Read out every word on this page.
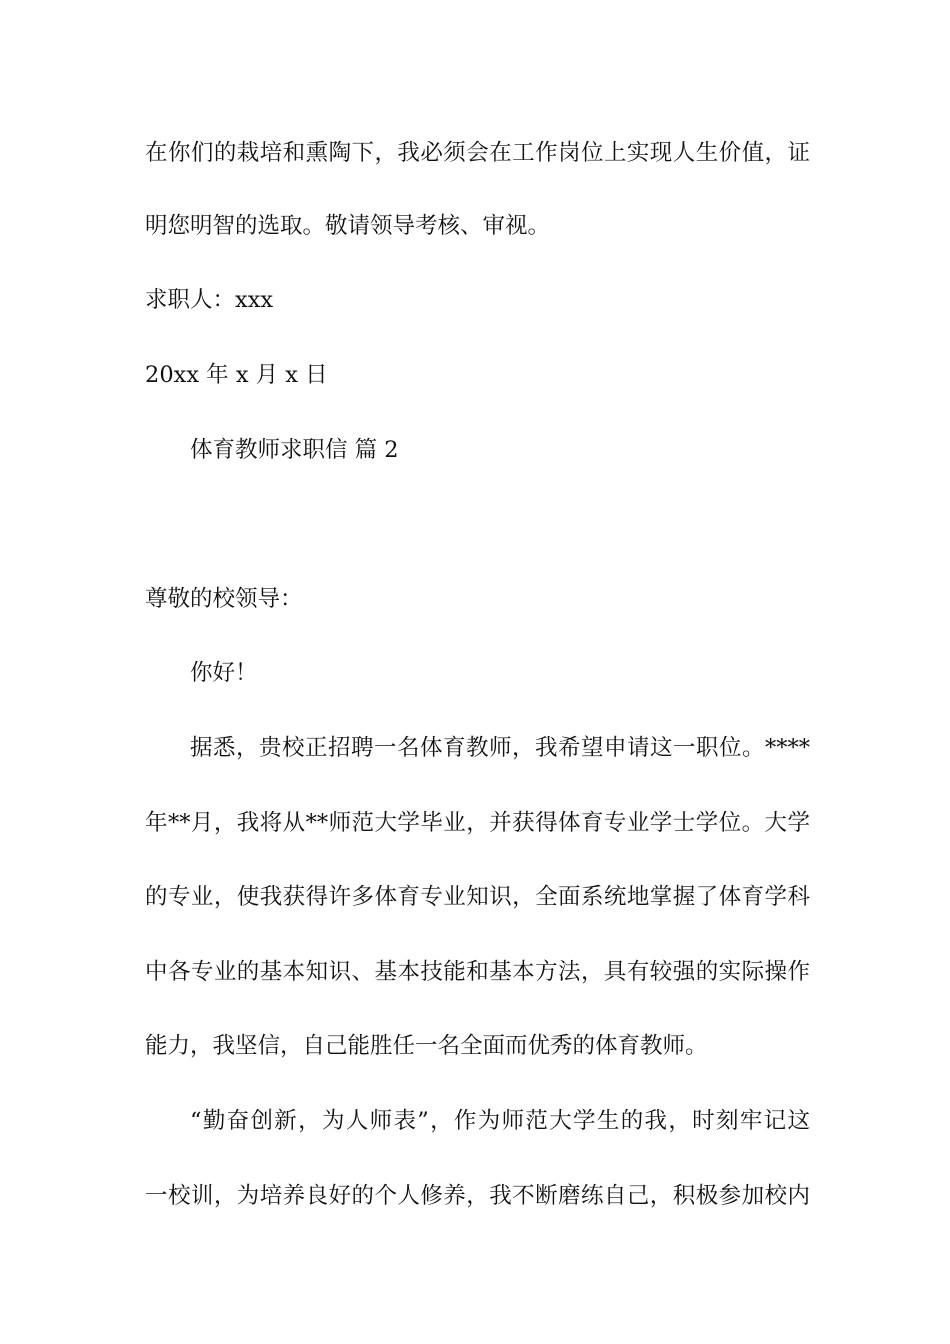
在你们的栽培和熏陶下，我必须会在工作岗位上实现人生价值，证
明您明智的选取。敬请领导考核、审视。
求职人：xxx
20xx 年 x 月 x 日
体育教师求职信 篇 2
尊敬的校领导：
你好！
据悉，贵校正招聘一名体育教师，我希望申请这一职位。****
年**月，我将从**师范大学毕业，并获得体育专业学士学位。大学
的专业，使我获得许多体育专业知识，全面系统地掌握了体育学科
中各专业的基本知识、基本技能和基本方法，具有较强的实际操作
能力，我坚信，自己能胜任一名全面而优秀的体育教师。
“勤奋创新，为人师表”，作为师范大学生的我，时刻牢记这
一校训，为培养良好的个人修养，我不断磨练自己，积极参加校内
